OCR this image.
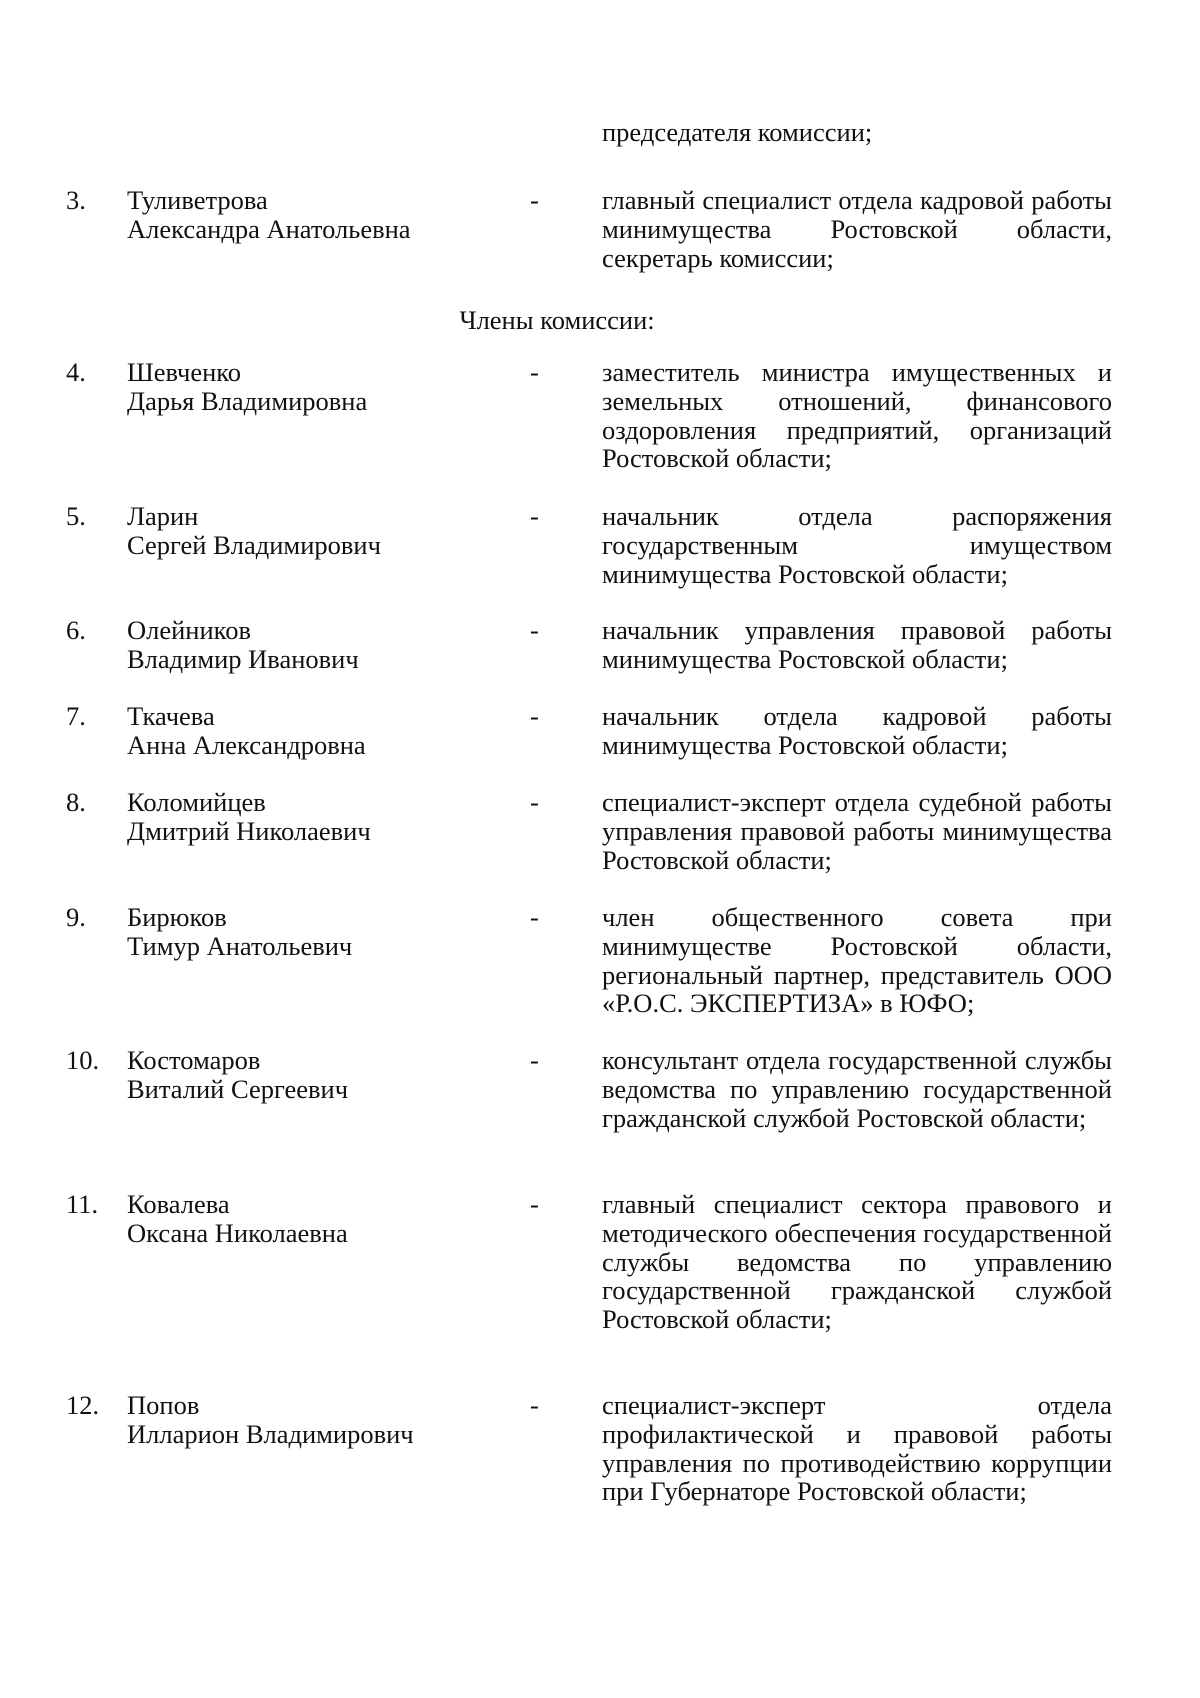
председателя комиссии;
3. Туливетрова
Александра Анатольевна
- главный специалист отдела кадровой работы минимущества Ростовской области, секретарь комиссии;
Члены комиссии:
4. Шевченко
Дарья Владимировна
- заместитель министра имущественных и земельных отношений, финансового оздоровления предприятий, организаций Ростовской области;
5. Ларин
Сергей Владимирович
- начальник отдела распоряжения государственным имуществом минимущества Ростовской области;
6. Олейников
Владимир Иванович
- начальник управления правовой работы минимущества Ростовской области;
7. Ткачева
Анна Александровна
- начальник отдела кадровой работы минимущества Ростовской области;
8. Коломийцев
Дмитрий Николаевич
- специалист-эксперт отдела судебной работы управления правовой работы минимущества Ростовской области;
9. Бирюков
Тимур Анатольевич
- член общественного совета при минимуществе Ростовской области, региональный партнер, представитель ООО «Р.О.С. ЭКСПЕРТИЗА» в ЮФО;
10. Костомаров
Виталий Сергеевич
- консультант отдела государственной службы ведомства по управлению государственной гражданской службой Ростовской области;
11. Ковалева
Оксана Николаевна
- главный специалист сектора правового и методического обеспечения государственной службы ведомства по управлению государственной гражданской службой Ростовской области;
12. Попов
Илларион Владимирович
- специалист-эксперт отдела профилактической и правовой работы управления по противодействию коррупции при Губернаторе Ростовской области;
